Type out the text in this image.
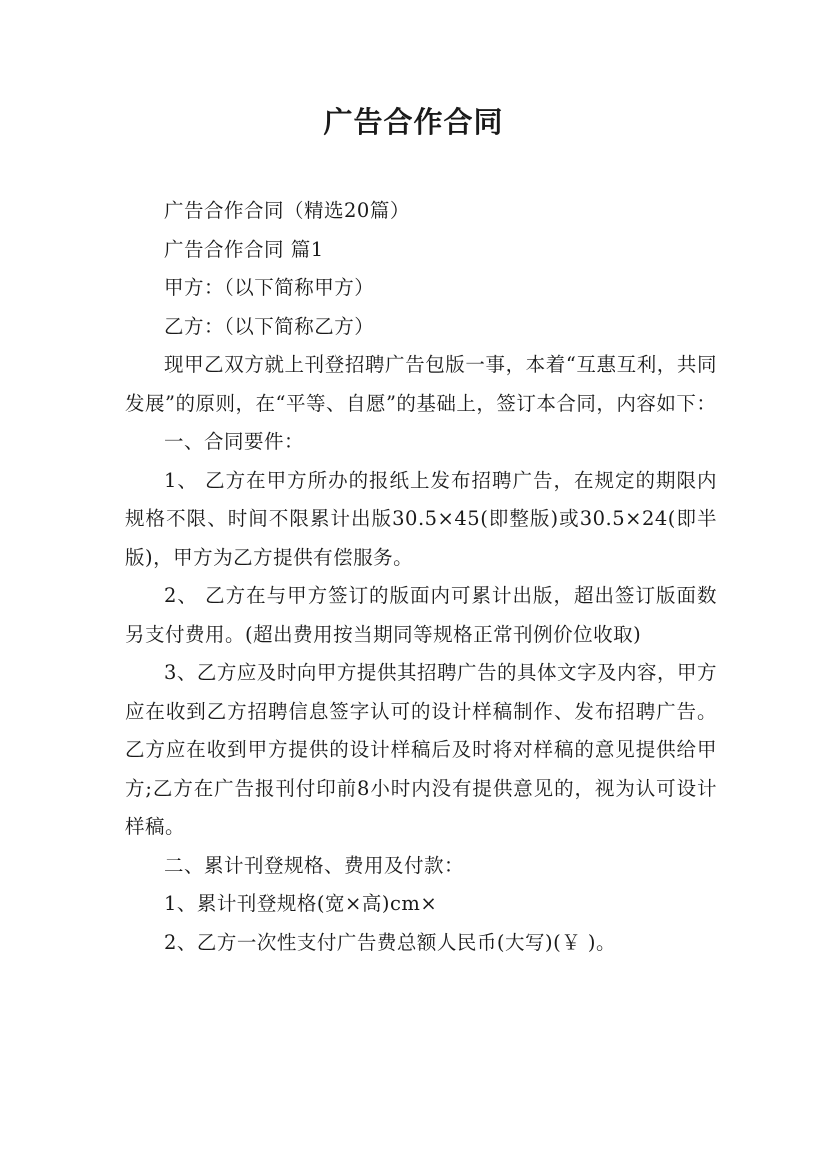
广告合作合同

广告合作合同（精选20篇）

广告合作合同 篇1

甲方：（以下简称甲方）

乙方：（以下简称乙方）

现甲乙双方就上刊登招聘广告包版一事，本着“互惠互利，共同发展”的原则，在“平等、自愿”的基础上，签订本合同，内容如下：

一、合同要件：

1、 乙方在甲方所办的报纸上发布招聘广告，在规定的期限内规格不限、时间不限累计出版30.5×45(即整版)或30.5×24(即半版)，甲方为乙方提供有偿服务。

2、 乙方在与甲方签订的版面内可累计出版，超出签订版面数另支付费用。(超出费用按当期同等规格正常刊例价位收取)

3、乙方应及时向甲方提供其招聘广告的具体文字及内容，甲方应在收到乙方招聘信息签字认可的设计样稿制作、发布招聘广告。乙方应在收到甲方提供的设计样稿后及时将对样稿的意见提供给甲方;乙方在广告报刊付印前8小时内没有提供意见的，视为认可设计样稿。

二、累计刊登规格、费用及付款：

1、累计刊登规格(宽×高)cm×

2、乙方一次性支付广告费总额人民币(大写)(￥ )。
